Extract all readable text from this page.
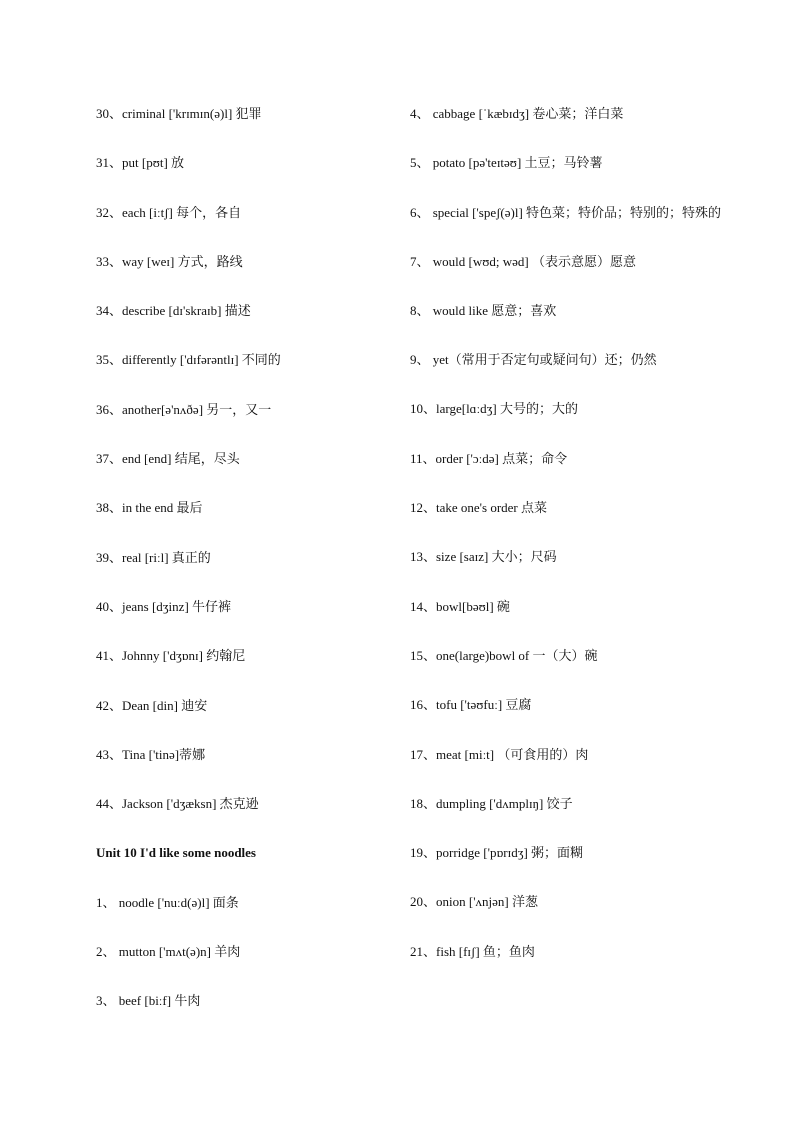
30、criminal ['krɪmɪn(ə)l] 犯罪

31、put [pʊt] 放

32、each [iːtʃ] 每个，各自

33、way [weɪ] 方式，路线

34、describe [dɪ'skraɪb] 描述

35、differently ['dɪfərəntlɪ] 不同的

36、another[ə'nʌðə] 另一，又一

37、end [end] 结尾，尽头

38、in the end 最后

39、real [riːl] 真正的

40、jeans [dʒinz] 牛仔裤

41、Johnny ['dʒɒnɪ] 约翰尼

42、Dean [din] 迪安

43、Tina ['tinə]蒂娜

44、Jackson ['dʒæksn] 杰克逊

Unit 10 I'd like some noodles

1、 noodle ['nuːd(ə)l] 面条

2、 mutton ['mʌt(ə)n] 羊肉

3、 beef [biːf] 牛肉

4、 cabbage [ˈkæbɪdʒ] 卷心菜；洋白菜

5、 potato [pə'teɪtəʊ] 土豆；马铃薯

6、 special ['speʃ(ə)l] 特色菜；特价品；特别的；特殊的

7、 would [wʊd; wəd] （表示意愿）愿意

8、 would like 愿意；喜欢

9、 yet（常用于否定句或疑问句）还；仍然

10、large[lɑːdʒ] 大号的；大的

11、order ['ɔːdə] 点菜；命令

12、take one's order 点菜

13、size [saɪz] 大小；尺码

14、bowl[bəʊl] 碗

15、one(large)bowl of 一（大）碗

16、tofu ['təʊfuː] 豆腐

17、meat [miːt] （可食用的）肉

18、dumpling ['dʌmplɪŋ] 饺子

19、porridge ['pɒrɪdʒ] 粥；面糊

20、onion ['ʌnjən] 洋葱

21、fish [fɪʃ] 鱼；鱼肉
